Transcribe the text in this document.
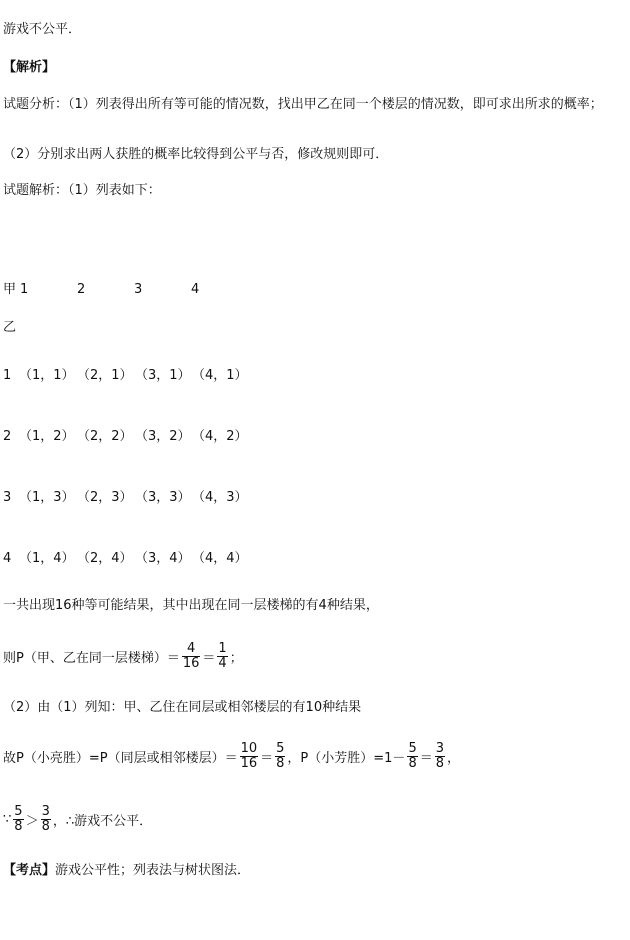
游戏不公平．
【解析】
试题分析：（1）列表得出所有等可能的情况数，找出甲乙在同一个楼层的情况数，即可求出所求的概率；
（2）分别求出两人获胜的概率比较得到公平与否，修改规则即可．
试题解析：（1）列表如下：
甲 1	2	3	4
乙
1 （1，1） （2，1） （3，1） （4，1）
2 （1，2） （2，2） （3，2） （4，2）
3 （1，3） （2，3） （3，3） （4，3）
4 （1，4） （2，4） （3，4） （4，4）
一共出现16种等可能结果，其中出现在同一层楼梯的有4种结果，
则P（甲、乙在同一层楼梯）＝ $\frac{4}{16} = \frac{1}{4}$ ；
（2）由（1）列知：甲、乙住在同层或相邻楼层的有10种结果
故P（小亮胜）=P（同层或相邻楼层）＝ $\frac{10}{16} = \frac{5}{8}$ ，P（小芳胜）$=1- \frac{5}{8} = \frac{3}{8}$ ，
∵ $\frac{5}{8} > \frac{3}{8}$ ，∴游戏不公平．
【考点】游戏公平性；列表法与树状图法．
